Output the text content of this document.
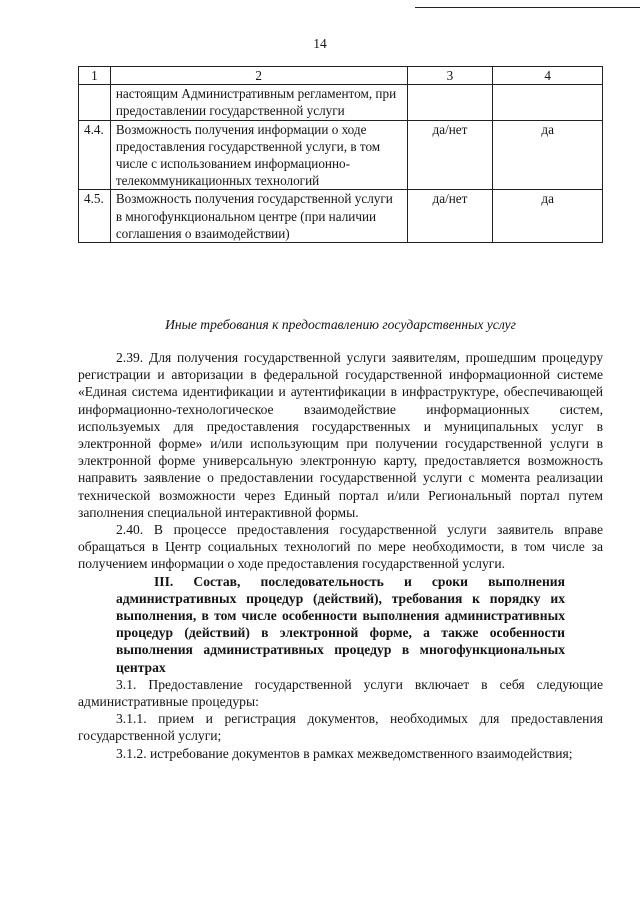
14
1	2	3	4
	настоящим Административным регламентом, при предоставлении государственной услуги		
4.4.	Возможность получения информации о ходе предоставления государственной услуги, в том числе с использованием информационно-телекоммуникационных технологий	да/нет	да
4.5.	Возможность получения государственной услуги в многофункциональном центре (при наличии соглашения о взаимодействии)	да/нет	да
Иные требования к предоставлению государственных услуг

2.39. Для получения государственной услуги заявителям, прошедшим процедуру регистрации и авторизации в федеральной государственной информационной системе «Единая система идентификации и аутентификации в инфраструктуре, обеспечивающей информационно-технологическое взаимодействие информационных систем, используемых для предоставления государственных и муниципальных услуг в электронной форме» и/или использующим при получении государственной услуги в электронной форме универсальную электронную карту, предоставляется возможность направить заявление о предоставлении государственной услуги с момента реализации технической возможности через Единый портал и/или Региональный портал путем заполнения специальной интерактивной формы.

2.40. В процессе предоставления государственной услуги заявитель вправе обращаться в Центр социальных технологий по мере необходимости, в том числе за получением информации о ходе предоставления государственной услуги.

III. Состав, последовательность и сроки выполнения административных процедур (действий), требования к порядку их выполнения, в том числе особенности выполнения административных процедур (действий) в электронной форме, а также особенности выполнения административных процедур в многофункциональных центрах

3.1. Предоставление государственной услуги включает в себя следующие административные процедуры:

3.1.1. прием и регистрация документов, необходимых для предоставления государственной услуги;

3.1.2. истребование документов в рамках межведомственного взаимодействия;
